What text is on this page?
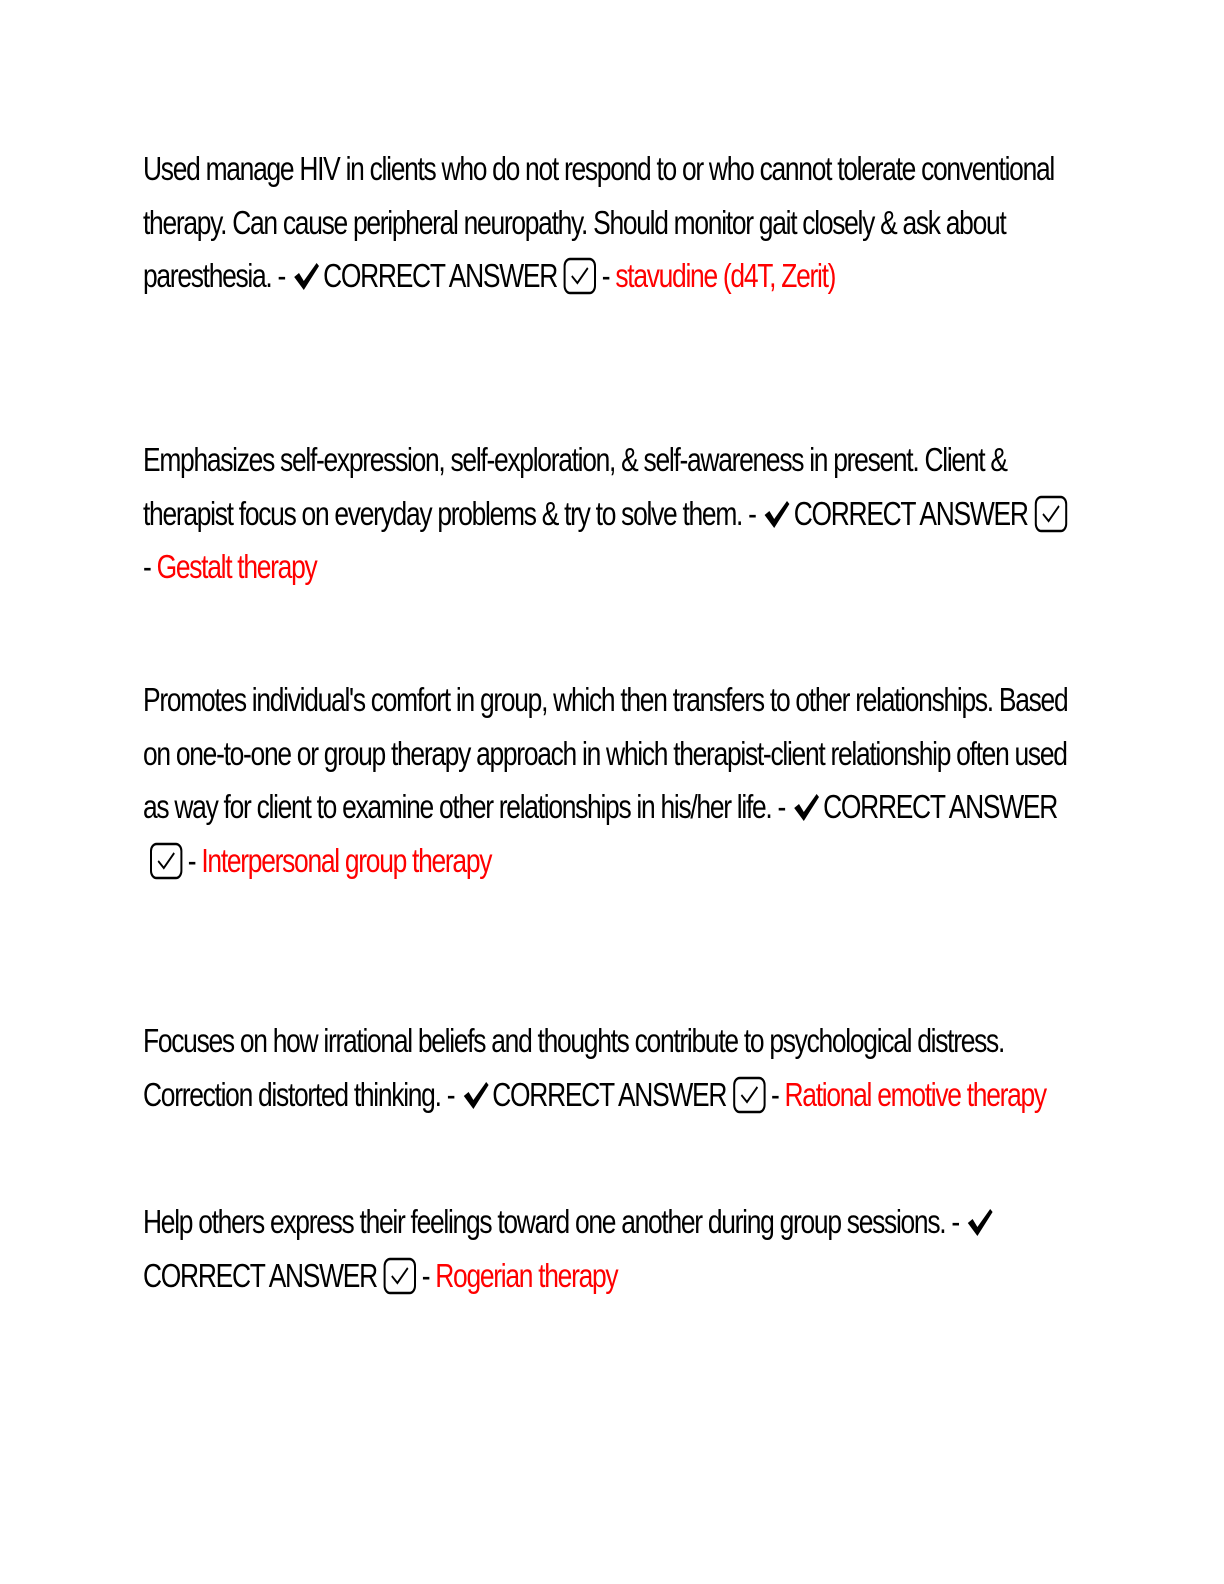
Used manage HIV in clients who do not respond to or who cannot tolerate conventional therapy. Can cause peripheral neuropathy. Should monitor gait closely & ask about paresthesia. - CORRECT ANSWER - stavudine (d4T, Zerit)

Emphasizes self-expression, self-exploration, & self-awareness in present. Client & therapist focus on everyday problems & try to solve them. - CORRECT ANSWER
- Gestalt therapy

Promotes individual's comfort in group, which then transfers to other relationships. Based on one-to-one or group therapy approach in which therapist-client relationship often used as way for client to examine other relationships in his/her life. - CORRECT ANSWER
- Interpersonal group therapy

Focuses on how irrational beliefs and thoughts contribute to psychological distress. Correction distorted thinking. - CORRECT ANSWER - Rational emotive therapy

Help others express their feelings toward one another during group sessions. -
CORRECT ANSWER - Rogerian therapy
